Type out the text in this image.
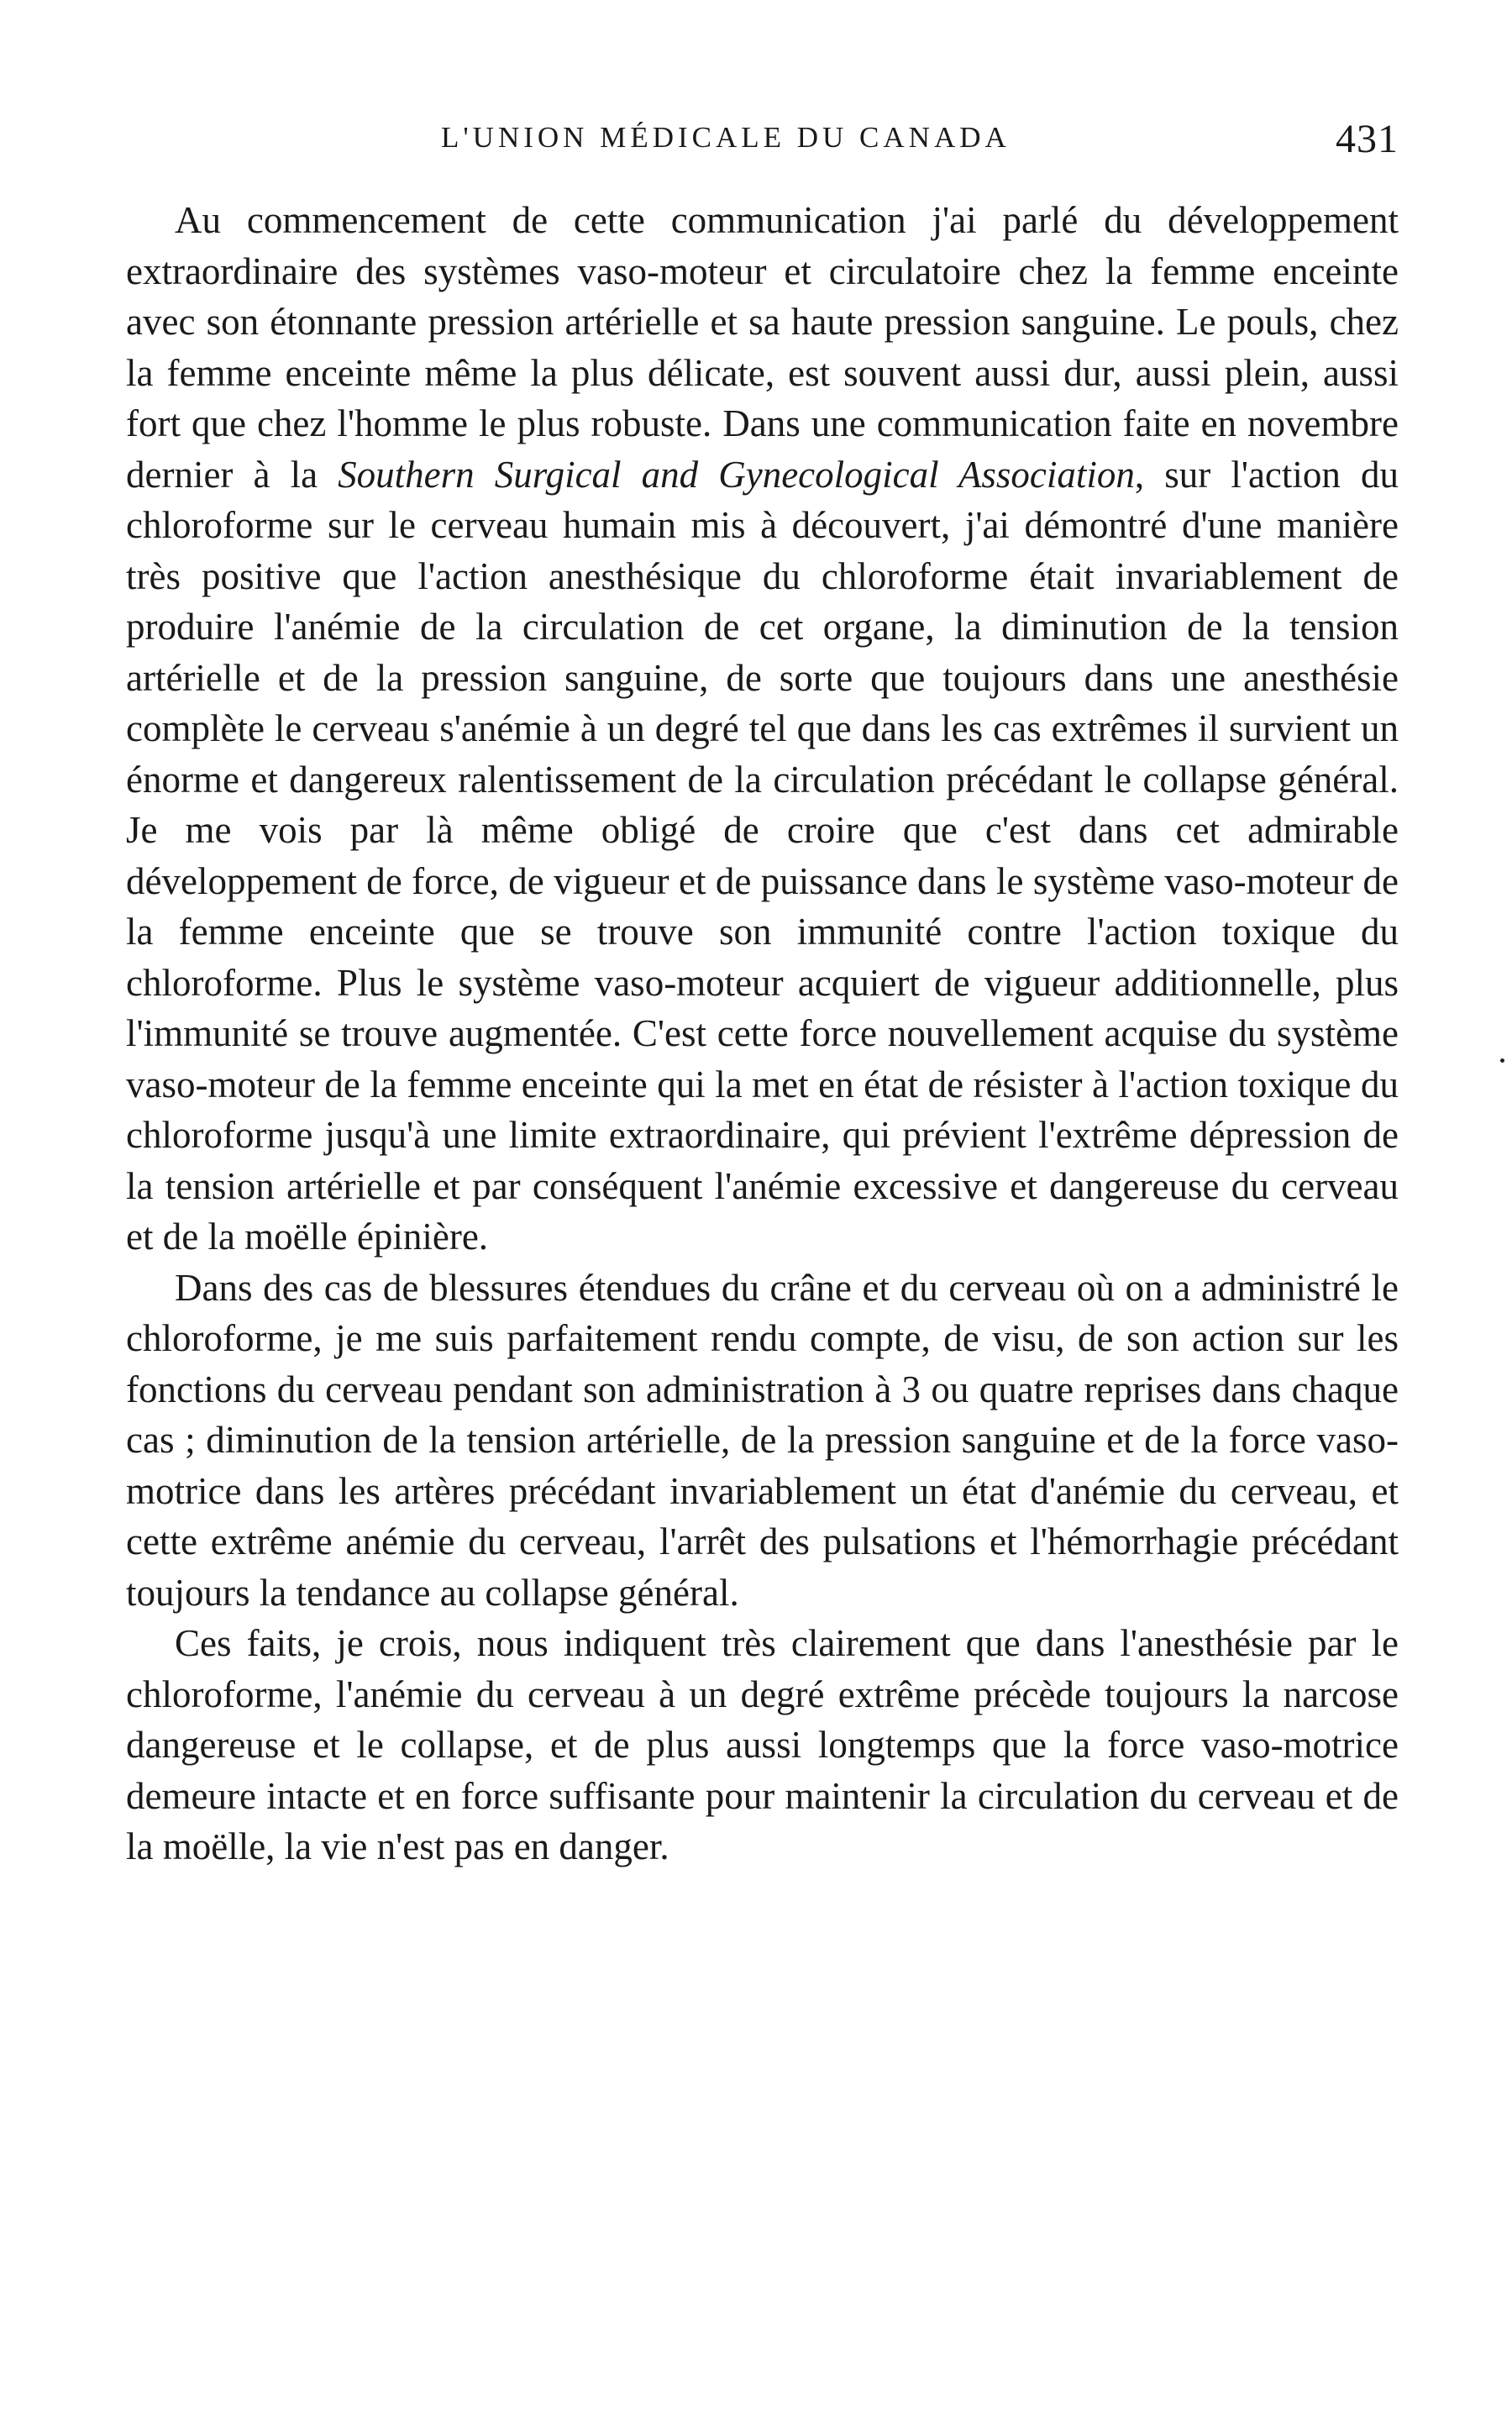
L'UNION MÉDICALE DU CANADA	431

Au commencement de cette communication j'ai parlé du développement extraordinaire des systèmes vaso-moteur et circulatoire chez la femme enceinte avec son étonnante pression artérielle et sa haute pression sanguine. Le pouls, chez la femme enceinte même la plus délicate, est souvent aussi dur, aussi plein, aussi fort que chez l'homme le plus robuste. Dans une communication faite en novembre dernier à la Southern Surgical and Gynecological Association, sur l'action du chloroforme sur le cerveau humain mis à découvert, j'ai démontré d'une manière très positive que l'action anesthésique du chloroforme était invariablement de produire l'anémie de la circulation de cet organe, la diminution de la tension artérielle et de la pression sanguine, de sorte que toujours dans une anesthésie complète le cerveau s'anémie à un degré tel que dans les cas extrêmes il survient un énorme et dangereux ralentissement de la circulation précédant le collapse général. Je me vois par là même obligé de croire que c'est dans cet admirable développement de force, de vigueur et de puissance dans le système vaso-moteur de la femme enceinte que se trouve son immunité contre l'action toxique du chloroforme. Plus le système vaso-moteur acquiert de vigueur additionnelle, plus l'immunité se trouve augmentée. C'est cette force nouvellement acquise du système vaso-moteur de la femme enceinte qui la met en état de résister à l'action toxique du chloroforme jusqu'à une limite extraordinaire, qui prévient l'extrême dépression de la tension artérielle et par conséquent l'anémie excessive et dangereuse du cerveau et de la moëlle épinière.

Dans des cas de blessures étendues du crâne et du cerveau où on a administré le chloroforme, je me suis parfaitement rendu compte, de visu, de son action sur les fonctions du cerveau pendant son administration à 3 ou quatre reprises dans chaque cas ; diminution de la tension artérielle, de la pression sanguine et de la force vaso-motrice dans les artères précédant invariablement un état d'anémie du cerveau, et cette extrême anémie du cerveau, l'arrêt des pulsations et l'hémorrhagie précédant toujours la tendance au collapse général.

Ces faits, je crois, nous indiquent très clairement que dans l'anesthésie par le chloroforme, l'anémie du cerveau à un degré extrême précède toujours la narcose dangereuse et le collapse, et de plus aussi longtemps que la force vaso-motrice demeure intacte et en force suffisante pour maintenir la circulation du cerveau et de la moëlle, la vie n'est pas en danger.
